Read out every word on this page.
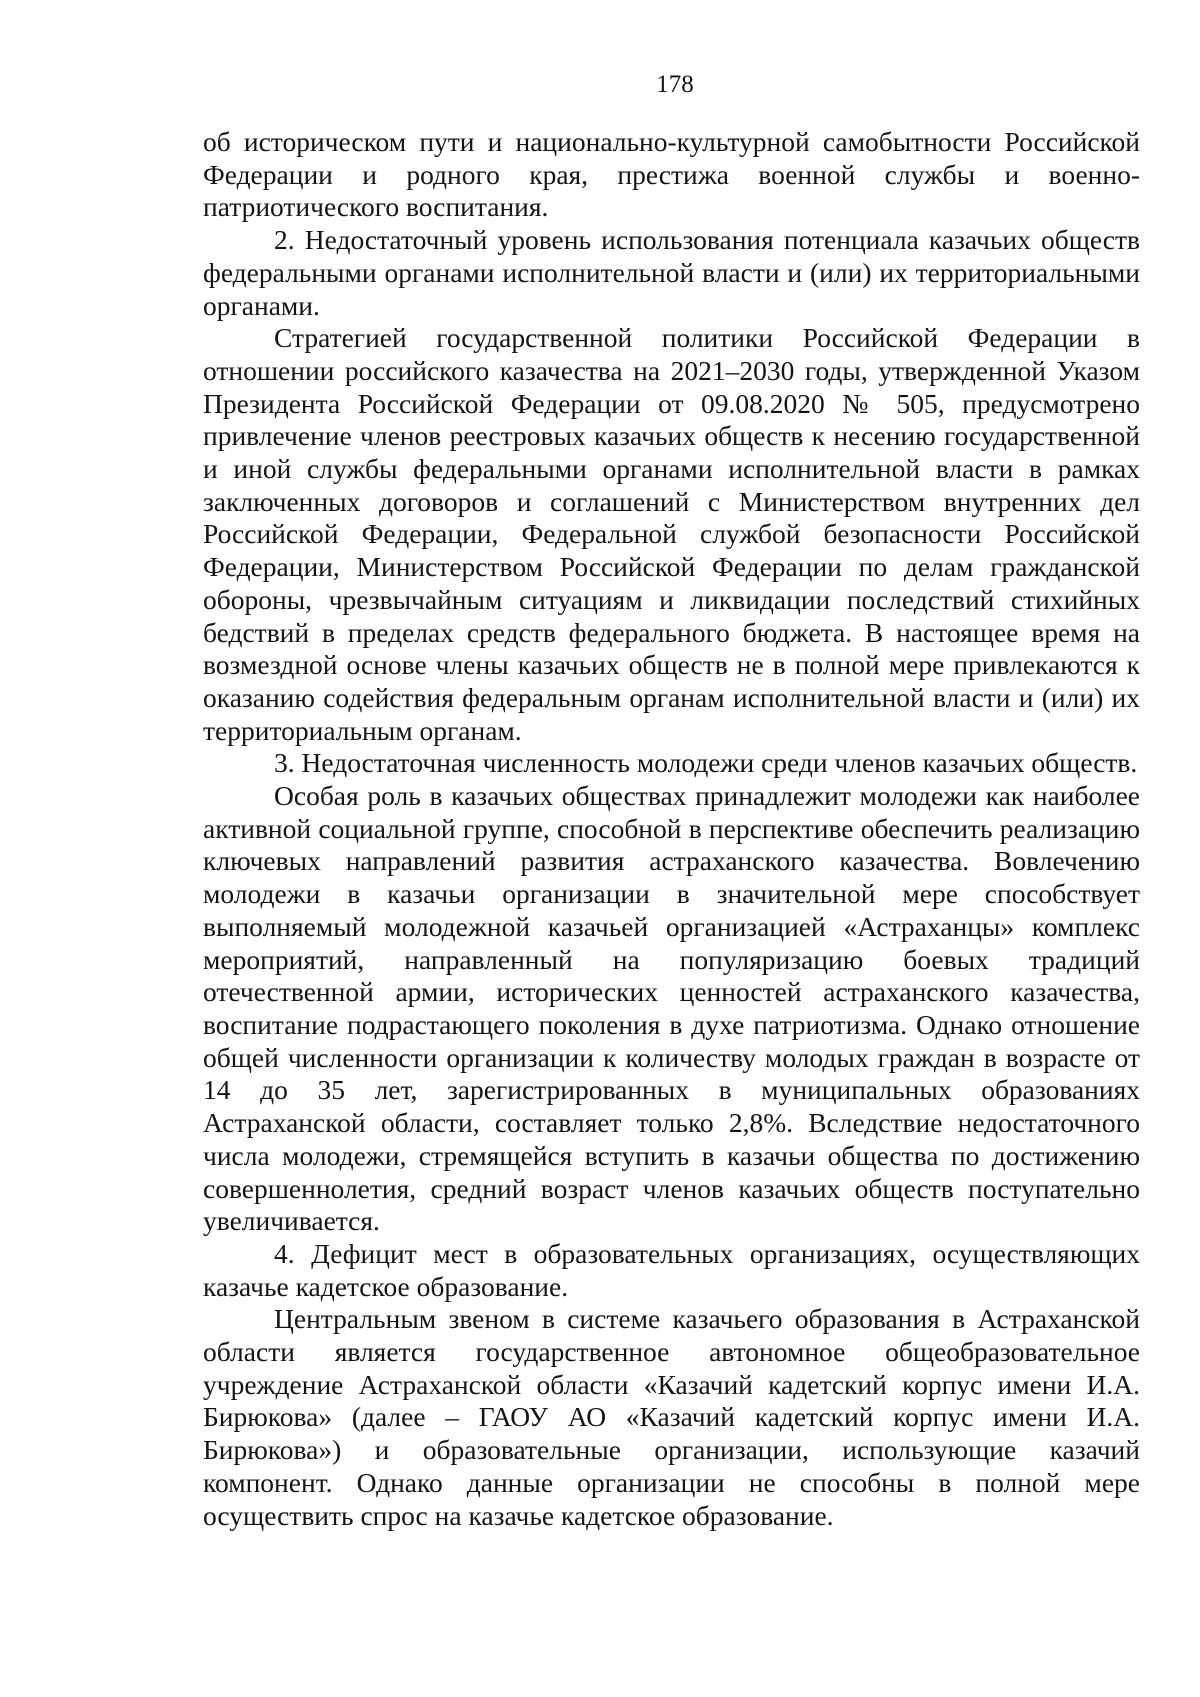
178

об историческом пути и национально-культурной самобытности Российской Федерации и родного края, престижа военной службы и военно-патриотического воспитания.

2. Недостаточный уровень использования потенциала казачьих обществ федеральными органами исполнительной власти и (или) их территориальными органами.

Стратегией государственной политики Российской Федерации в отношении российского казачества на 2021–2030 годы, утвержденной Указом Президента Российской Федерации от 09.08.2020 № 505, предусмотрено привлечение членов реестровых казачьих обществ к несению государственной и иной службы федеральными органами исполнительной власти в рамках заключенных договоров и соглашений с Министерством внутренних дел Российской Федерации, Федеральной службой безопасности Российской Федерации, Министерством Российской Федерации по делам гражданской обороны, чрезвычайным ситуациям и ликвидации последствий стихийных бедствий в пределах средств федерального бюджета. В настоящее время на возмездной основе члены казачьих обществ не в полной мере привлекаются к оказанию содействия федеральным органам исполнительной власти и (или) их территориальным органам.

3. Недостаточная численность молодежи среди членов казачьих обществ.

Особая роль в казачьих обществах принадлежит молодежи как наиболее активной социальной группе, способной в перспективе обеспечить реализацию ключевых направлений развития астраханского казачества. Вовлечению молодежи в казачьи организации в значительной мере способствует выполняемый молодежной казачьей организацией «Астраханцы» комплекс мероприятий, направленный на популяризацию боевых традиций отечественной армии, исторических ценностей астраханского казачества, воспитание подрастающего поколения в духе патриотизма. Однако отношение общей численности организации к количеству молодых граждан в возрасте от 14 до 35 лет, зарегистрированных в муниципальных образованиях Астраханской области, составляет только 2,8%. Вследствие недостаточного числа молодежи, стремящейся вступить в казачьи общества по достижению совершеннолетия, средний возраст членов казачьих обществ поступательно увеличивается.

4. Дефицит мест в образовательных организациях, осуществляющих казачье кадетское образование.

Центральным звеном в системе казачьего образования в Астраханской области является государственное автономное общеобразовательное учреждение Астраханской области «Казачий кадетский корпус имени И.А. Бирюкова» (далее – ГАОУ АО «Казачий кадетский корпус имени И.А. Бирюкова») и образовательные организации, использующие казачий компонент. Однако данные организации не способны в полной мере осуществить спрос на казачье кадетское образование.
